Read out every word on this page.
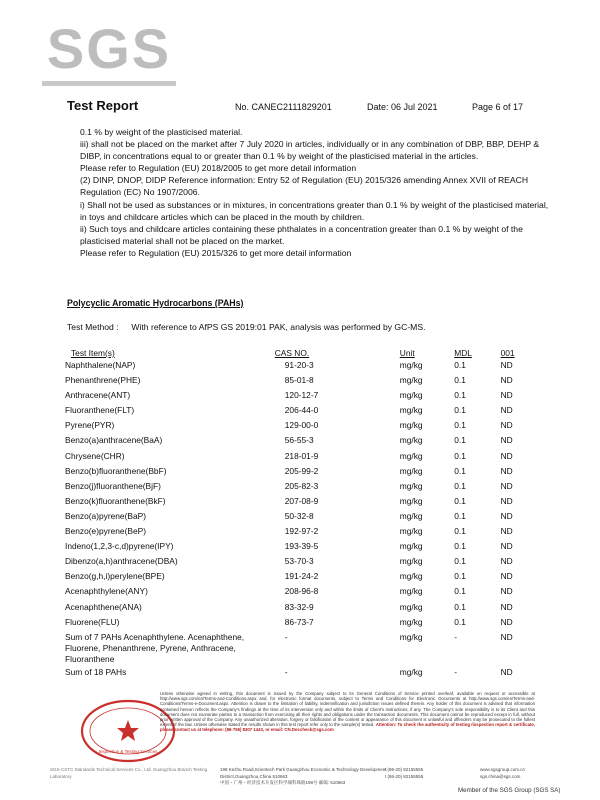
SGS
Test Report	No. CANEC2111829201	Date: 06 Jul 2021	Page 6 of 17

0.1 % by weight of the plasticised material.

iii) shall not be placed on the market after 7 July 2020 in articles, individually or in any combination of DBP, BBP, DEHP & DIBP, in concentrations equal to or greater than 0.1 % by weight of the plasticised material in the articles.

Please refer to Regulation (EU) 2018/2005 to get more detail information

(2) DINP, DNOP, DIDP Reference information: Entry 52 of Regulation (EU) 2015/326 amending Annex XVII of REACH Regulation (EC) No 1907/2006.

i) Shall not be used as substances or in mixtures, in concentrations greater than 0.1 % by weight of the plasticised material, in toys and childcare articles which can be placed in the mouth by children.

ii) Such toys and childcare articles containing these phthalates in a concentration greater than 0.1 % by weight of the plasticised material shall not be placed on the market.

Please refer to Regulation (EU) 2015/326 to get more detail information

Polycyclic Aromatic Hydrocarbons (PAHs)
Test Method : With reference to AfPS GS 2019:01 PAK, analysis was performed by GC-MS.
Test Item(s)	CAS NO.	Unit	MDL	001
Naphthalene(NAP)	91-20-3	mg/kg	0.1	ND
Phenanthrene(PHE)	85-01-8	mg/kg	0.1	ND
Anthracene(ANT)	120-12-7	mg/kg	0.1	ND
Fluoranthene(FLT)	206-44-0	mg/kg	0.1	ND
Pyrene(PYR)	129-00-0	mg/kg	0.1	ND
Benzo(a)anthracene(BaA)	56-55-3	mg/kg	0.1	ND
Chrysene(CHR)	218-01-9	mg/kg	0.1	ND
Benzo(b)fluoranthene(BbF)	205-99-2	mg/kg	0.1	ND
Benzo(j)fluoranthene(BjF)	205-82-3	mg/kg	0.1	ND
Benzo(k)fluoranthene(BkF)	207-08-9	mg/kg	0.1	ND
Benzo(a)pyrene(BaP)	50-32-8	mg/kg	0.1	ND
Benzo(e)pyrene(BeP)	192-97-2	mg/kg	0.1	ND
Indeno(1,2,3-c,d)pyrene(IPY)	193-39-5	mg/kg	0.1	ND
Dibenzo(a,h)anthracene(DBA)	53-70-3	mg/kg	0.1	ND
Benzo(g,h,i)perylene(BPE)	191-24-2	mg/kg	0.1	ND
Acenaphthylene(ANY)	208-96-8	mg/kg	0.1	ND
Acenaphthene(ANA)	83-32-9	mg/kg	0.1	ND
Fluorene(FLU)	86-73-7	mg/kg	0.1	ND
Sum of 7 PAHs Acenaphthylene. Acenaphthene, Fluorene, Phenanthrene, Pyrene, Anthracene, Fluoranthene	-	mg/kg	-	ND
Sum of 18 PAHs	-	mg/kg	-	ND
Inspection & Testing Services
Unless otherwise agreed in writing, this document is issued by the Company subject to its General Conditions of Service printed overleaf, available on request or accessible at http://www.sgs.com/en/Terms-and-Conditions.aspx and, for electronic format documents, subject to Terms and Conditions for Electronic Documents at http://www.sgs.com/en/Terms-and-Conditions/Terms-e-Document.aspx. Attention is drawn to the limitation of liability, indemnification and jurisdiction issues defined therein. Any holder of this document is advised that information contained hereon reflects the Company's findings at the time of its intervention only and within the limits of Client's instructions, if any. The Company's sole responsibility is to its Client and this document does not exonerate parties to a transaction from exercising all their rights and obligations under the transaction documents. This document cannot be reproduced except in full, without prior written approval of the Company. Any unauthorized alteration, forgery or falsification of the content or appearance of this document is unlawful and offenders may be prosecuted to the fullest extent of the law. Unless otherwise stated the results shown in this test report refer only to the sample(s) tested. Attention: To check the authenticity of testing /inspection report & certificate, please contact us at telephone: (86-755) 8307 1443, or email: CN.Doccheck@sgs.com
SGS-CSTC Standards Technical Services Co., Ltd. Guangzhou Branch Testing Laboratory
198 Kezhu Road,Scientech Park Guangzhou Economic & Technology Development District,Guangzhou,China 510663
中国・广州・经济技术开发区科学城科珠路198号 邮编: 510663
t (86-20) 82155555
t (86-20) 82155555
www.sgsgroup.com.cn
sgs.china@sgs.com
Member of the SGS Group (SGS SA)
